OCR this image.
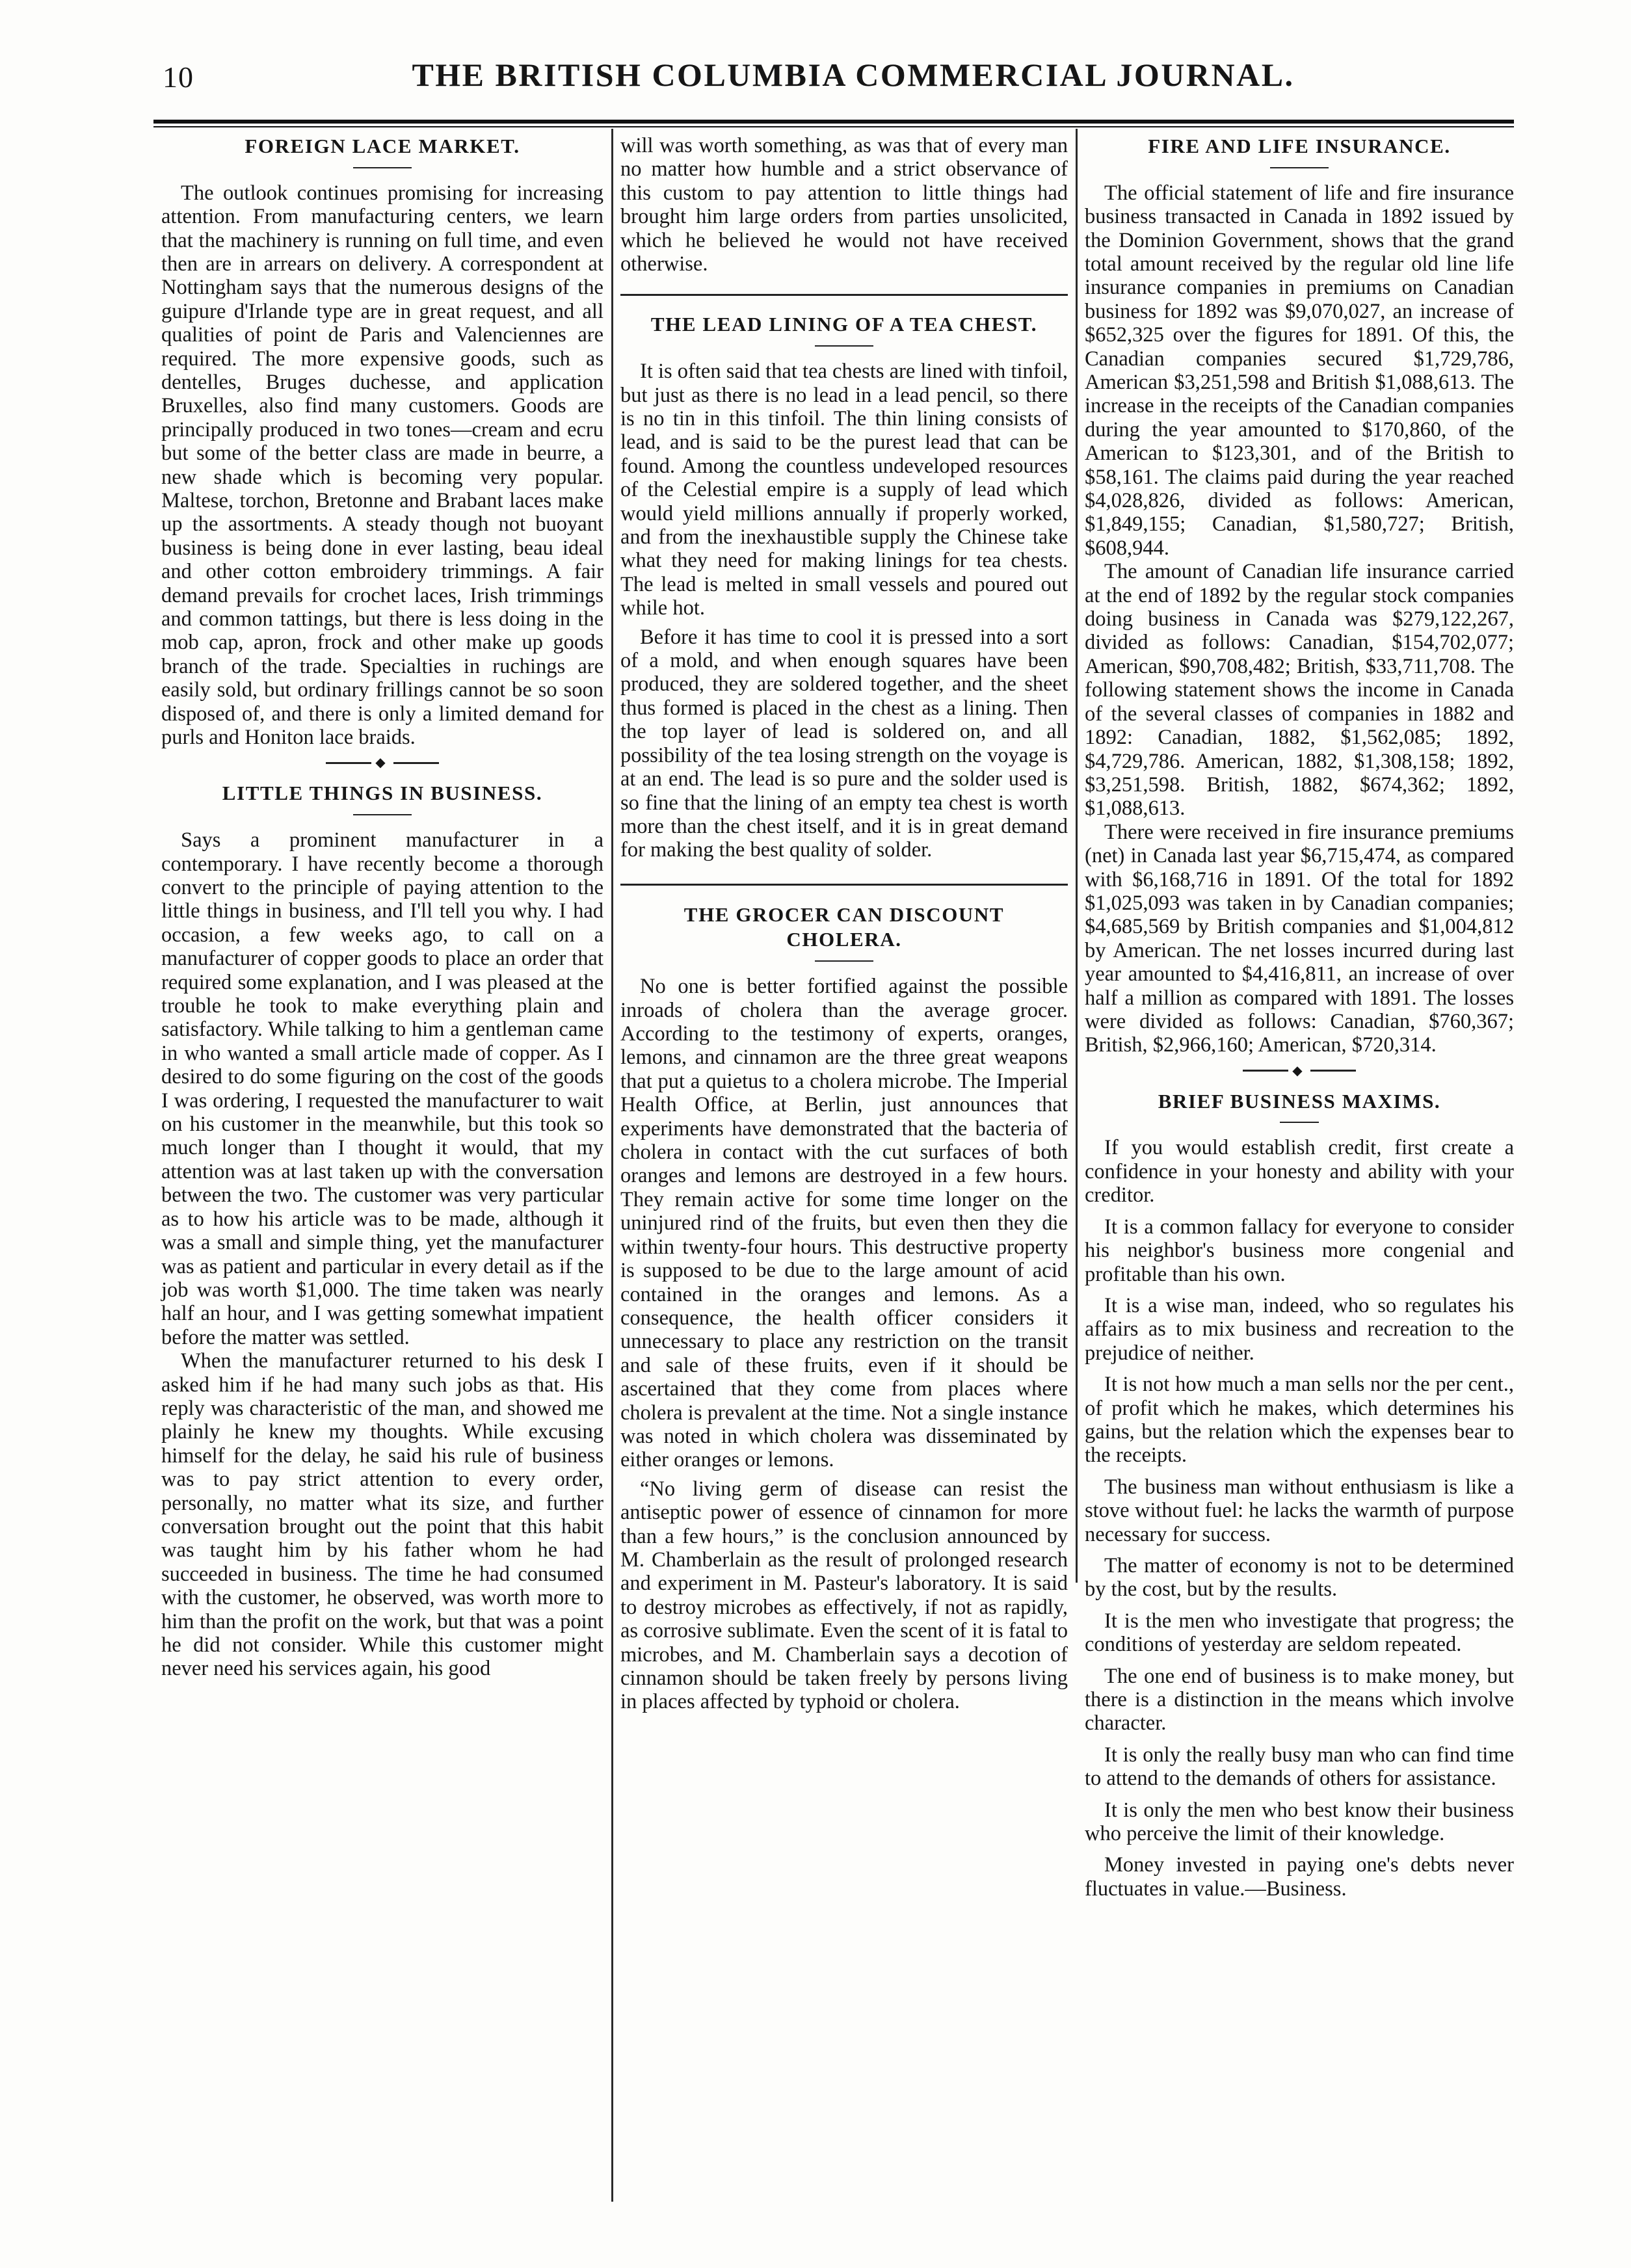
10	THE BRITISH COLUMBIA COMMERCIAL JOURNAL.
FOREIGN LACE MARKET.

The outlook continues promising for increasing attention. From manufacturing centers, we learn that the machinery is running on full time, and even then are in arrears on delivery. A correspondent at Nottingham says that the numerous designs of the guipure d'Irlande type are in great request, and all qualities of point de Paris and Valenciennes are required. The more expensive goods, such as dentelles, Bruges duchesse, and application Bruxelles, also find many customers. Goods are principally produced in two tones—cream and ecru but some of the better class are made in beurre, a new shade which is becoming very popular. Maltese, torchon, Bretonne and Brabant laces make up the assortments. A steady though not buoyant business is being done in ever lasting, beau ideal and other cotton embroidery trimmings. A fair demand prevails for crochet laces, Irish trimmings and common tattings, but there is less doing in the mob cap, apron, frock and other make up goods branch of the trade. Specialties in ruchings are easily sold, but ordinary frillings cannot be so soon disposed of, and there is only a limited demand for purls and Honiton lace braids.

◆
LITTLE THINGS IN BUSINESS.

Says a prominent manufacturer in a contemporary. I have recently become a thorough convert to the principle of paying attention to the little things in business, and I'll tell you why. I had occasion, a few weeks ago, to call on a manufacturer of copper goods to place an order that required some explanation, and I was pleased at the trouble he took to make everything plain and satisfactory. While talking to him a gentleman came in who wanted a small article made of copper. As I desired to do some figuring on the cost of the goods I was ordering, I requested the manufacturer to wait on his customer in the meanwhile, but this took so much longer than I thought it would, that my attention was at last taken up with the conversation between the two. The customer was very particular as to how his article was to be made, although it was a small and simple thing, yet the manufacturer was as patient and particular in every detail as if the job was worth $1,000. The time taken was nearly half an hour, and I was getting somewhat impatient before the matter was settled.

When the manufacturer returned to his desk I asked him if he had many such jobs as that. His reply was characteristic of the man, and showed me plainly he knew my thoughts. While excusing himself for the delay, he said his rule of business was to pay strict attention to every order, personally, no matter what its size, and further conversation brought out the point that this habit was taught him by his father whom he had succeeded in business. The time he had consumed with the customer, he observed, was worth more to him than the profit on the work, but that was a point he did not consider. While this customer might never need his services again, his good

will was worth something, as was that of every man no matter how humble and a strict observance of this custom to pay attention to little things had brought him large orders from parties unsolicited, which he believed he would not have received otherwise.

THE LEAD LINING OF A TEA CHEST.

It is often said that tea chests are lined with tinfoil, but just as there is no lead in a lead pencil, so there is no tin in this tinfoil. The thin lining consists of lead, and is said to be the purest lead that can be found. Among the countless undeveloped resources of the Celestial empire is a supply of lead which would yield millions annually if properly worked, and from the inexhaustible supply the Chinese take what they need for making linings for tea chests. The lead is melted in small vessels and poured out while hot.

Before it has time to cool it is pressed into a sort of a mold, and when enough squares have been produced, they are soldered together, and the sheet thus formed is placed in the chest as a lining. Then the top layer of lead is soldered on, and all possibility of the tea losing strength on the voyage is at an end. The lead is so pure and the solder used is so fine that the lining of an empty tea chest is worth more than the chest itself, and it is in great demand for making the best quality of solder.

THE GROCER CAN DISCOUNT
CHOLERA.

No one is better fortified against the possible inroads of cholera than the average grocer. According to the testimony of experts, oranges, lemons, and cinnamon are the three great weapons that put a quietus to a cholera microbe. The Imperial Health Office, at Berlin, just announces that experiments have demonstrated that the bacteria of cholera in contact with the cut surfaces of both oranges and lemons are destroyed in a few hours. They remain active for some time longer on the uninjured rind of the fruits, but even then they die within twenty-four hours. This destructive property is supposed to be due to the large amount of acid contained in the oranges and lemons. As a consequence, the health officer considers it unnecessary to place any restriction on the transit and sale of these fruits, even if it should be ascertained that they come from places where cholera is prevalent at the time. Not a single instance was noted in which cholera was disseminated by either oranges or lemons.

“No living germ of disease can resist the antiseptic power of essence of cinnamon for more than a few hours,” is the conclusion announced by M. Chamberlain as the result of prolonged research and experiment in M. Pasteur's laboratory. It is said to destroy microbes as effectively, if not as rapidly, as corrosive sublimate. Even the scent of it is fatal to microbes, and M. Chamberlain says a decotion of cinnamon should be taken freely by persons living in places affected by typhoid or cholera.

FIRE AND LIFE INSURANCE.

The official statement of life and fire insurance business transacted in Canada in 1892 issued by the Dominion Government, shows that the grand total amount received by the regular old line life insurance companies in premiums on Canadian business for 1892 was $9,070,027, an increase of $652,325 over the figures for 1891. Of this, the Canadian companies secured $1,729,786, American $3,251,598 and British $1,088,613. The increase in the receipts of the Canadian companies during the year amounted to $170,860, of the American to $123,301, and of the British to $58,161. The claims paid during the year reached $4,028,826, divided as follows: American, $1,849,155; Canadian, $1,580,727; British, $608,944.

The amount of Canadian life insurance carried at the end of 1892 by the regular stock companies doing business in Canada was $279,122,267, divided as follows: Canadian, $154,702,077; American, $90,708,482; British, $33,711,708. The following statement shows the income in Canada of the several classes of companies in 1882 and 1892: Canadian, 1882, $1,562,085; 1892, $4,729,786. American, 1882, $1,308,158; 1892, $3,251,598. British, 1882, $674,362; 1892, $1,088,613.

There were received in fire insurance premiums (net) in Canada last year $6,715,474, as compared with $6,168,716 in 1891. Of the total for 1892 $1,025,093 was taken in by Canadian companies; $4,685,569 by British companies and $1,004,812 by American. The net losses incurred during last year amounted to $4,416,811, an increase of over half a million as compared with 1891. The losses were divided as follows: Canadian, $760,367; British, $2,966,160; American, $720,314.

◆
BRIEF BUSINESS MAXIMS.

If you would establish credit, first create a confidence in your honesty and ability with your creditor.

It is a common fallacy for everyone to consider his neighbor's business more congenial and profitable than his own.

It is a wise man, indeed, who so regulates his affairs as to mix business and recreation to the prejudice of neither.

It is not how much a man sells nor the per cent., of profit which he makes, which determines his gains, but the relation which the expenses bear to the receipts.

The business man without enthusiasm is like a stove without fuel: he lacks the warmth of purpose necessary for success.

The matter of economy is not to be determined by the cost, but by the results.

It is the men who investigate that progress; the conditions of yesterday are seldom repeated.

The one end of business is to make money, but there is a distinction in the means which involve character.

It is only the really busy man who can find time to attend to the demands of others for assistance.

It is only the men who best know their business who perceive the limit of their knowledge.

Money invested in paying one's debts never fluctuates in value.—Business.
